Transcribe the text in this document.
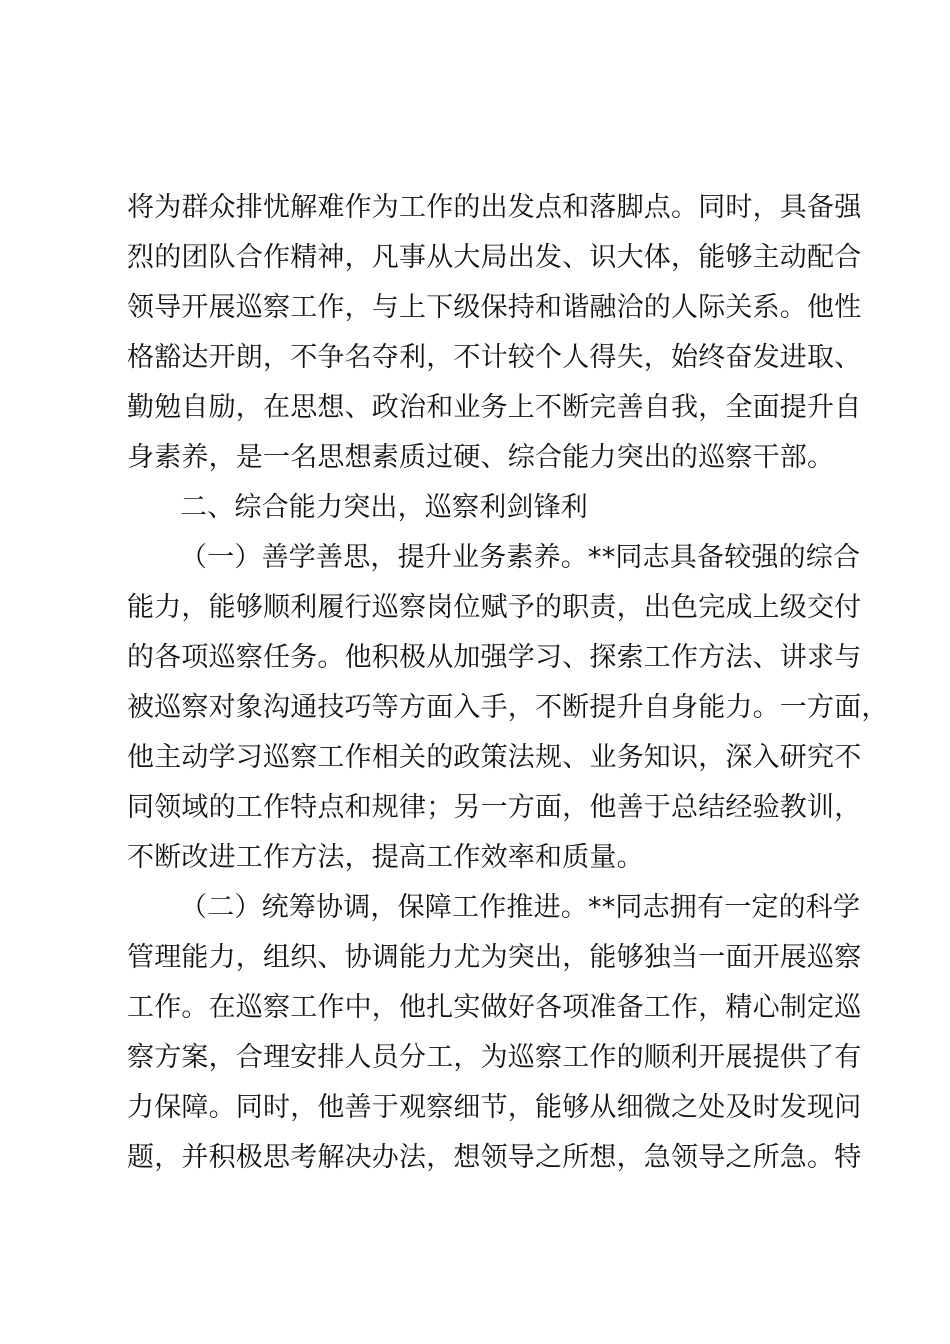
将为群众排忧解难作为工作的出发点和落脚点。同时，具备强
烈的团队合作精神，凡事从大局出发、识大体，能够主动配合
领导开展巡察工作，与上下级保持和谐融洽的人际关系。他性
格豁达开朗，不争名夺利，不计较个人得失，始终奋发进取、
勤勉自励，在思想、政治和业务上不断完善自我，全面提升自
身素养，是一名思想素质过硬、综合能力突出的巡察干部。
二、综合能力突出，巡察利剑锋利
（一）善学善思，提升业务素养。**同志具备较强的综合
能力，能够顺利履行巡察岗位赋予的职责，出色完成上级交付
的各项巡察任务。他积极从加强学习、探索工作方法、讲求与
被巡察对象沟通技巧等方面入手，不断提升自身能力。一方面，
他主动学习巡察工作相关的政策法规、业务知识，深入研究不
同领域的工作特点和规律；另一方面，他善于总结经验教训，
不断改进工作方法，提高工作效率和质量。
（二）统筹协调，保障工作推进。**同志拥有一定的科学
管理能力，组织、协调能力尤为突出，能够独当一面开展巡察
工作。在巡察工作中，他扎实做好各项准备工作，精心制定巡
察方案，合理安排人员分工，为巡察工作的顺利开展提供了有
力保障。同时，他善于观察细节，能够从细微之处及时发现问
题，并积极思考解决办法，想领导之所想，急领导之所急。特
